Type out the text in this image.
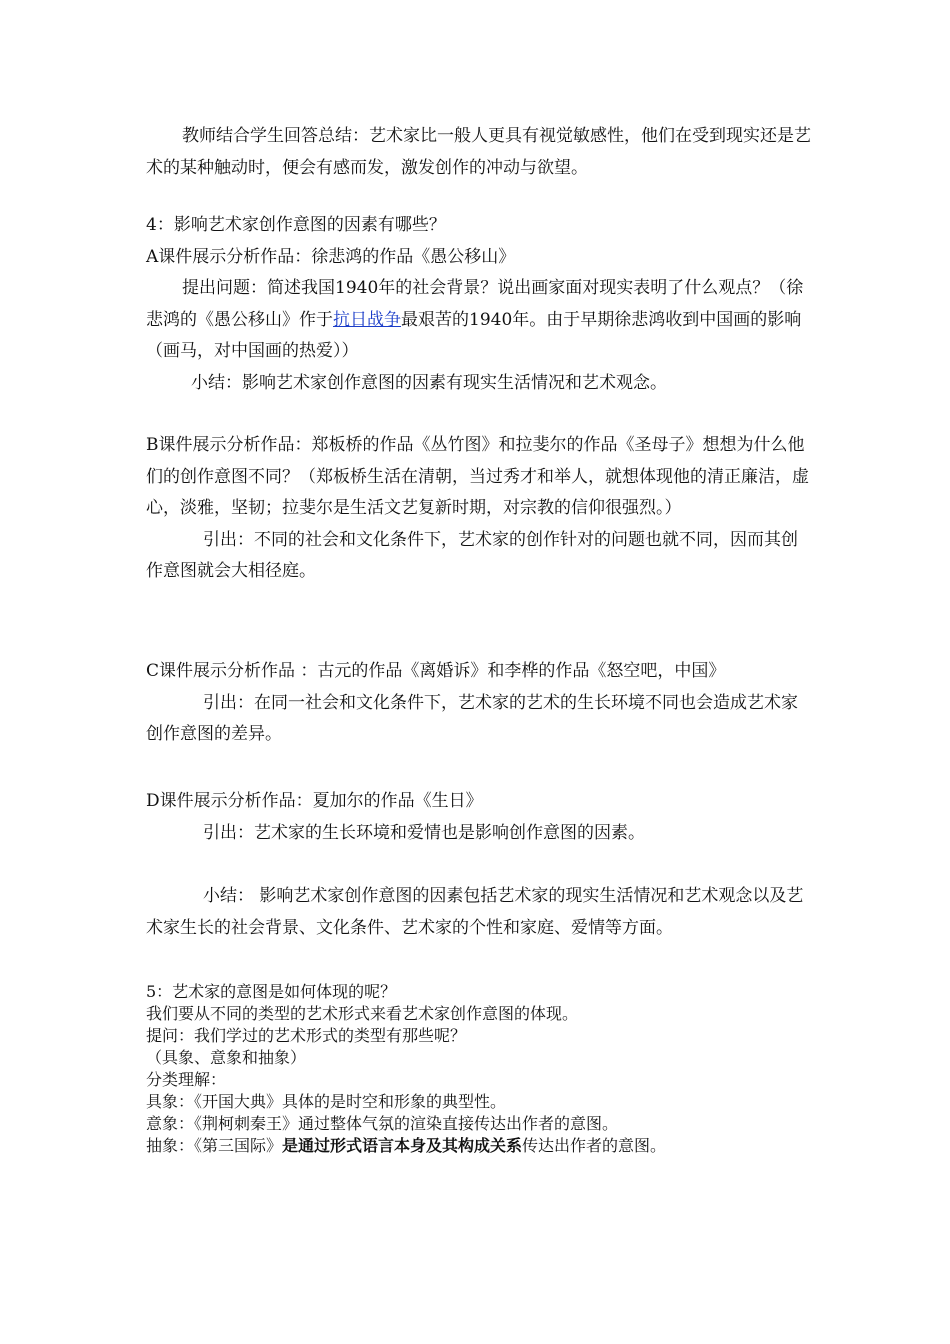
教师结合学生回答总结：艺术家比一般人更具有视觉敏感性，他们在受到现实还是艺术的某种触动时，便会有感而发，激发创作的冲动与欲望。

4：影响艺术家创作意图的因素有哪些？

A课件展示分析作品：徐悲鸿的作品《愚公移山》

提出问题：简述我国1940年的社会背景？说出画家面对现实表明了什么观点？（徐悲鸿的《愚公移山》作于抗日战争最艰苦的1940年。由于早期徐悲鸿收到中国画的影响（画马，对中国画的热爱））

小结：影响艺术家创作意图的因素有现实生活情况和艺术观念。

B课件展示分析作品：郑板桥的作品《丛竹图》和拉斐尔的作品《圣母子》想想为什么他们的创作意图不同？（郑板桥生活在清朝，当过秀才和举人，就想体现他的清正廉洁，虚心，淡雅，坚韧；拉斐尔是生活文艺复新时期，对宗教的信仰很强烈。）

引出：不同的社会和文化条件下，艺术家的创作针对的问题也就不同，因而其创作意图就会大相径庭。

C课件展示分析作品 ：古元的作品《离婚诉》和李桦的作品《怒空吧，中国》

引出：在同一社会和文化条件下，艺术家的艺术的生长环境不同也会造成艺术家创作意图的差异。

D课件展示分析作品：夏加尔的作品《生日》

引出：艺术家的生长环境和爱情也是影响创作意图的因素。

小结： 影响艺术家创作意图的因素包括艺术家的现实生活情况和艺术观念以及艺术家生长的社会背景、文化条件、艺术家的个性和家庭、爱情等方面。

5：艺术家的意图是如何体现的呢？

我们要从不同的类型的艺术形式来看艺术家创作意图的体现。

提问：我们学过的艺术形式的类型有那些呢？

（具象、意象和抽象）

分类理解：

具象：《开国大典》具体的是时空和形象的典型性。

意象：《荆柯刺秦王》通过整体气氛的渲染直接传达出作者的意图。

抽象：《第三国际》是通过形式语言本身及其构成关系传达出作者的意图。
